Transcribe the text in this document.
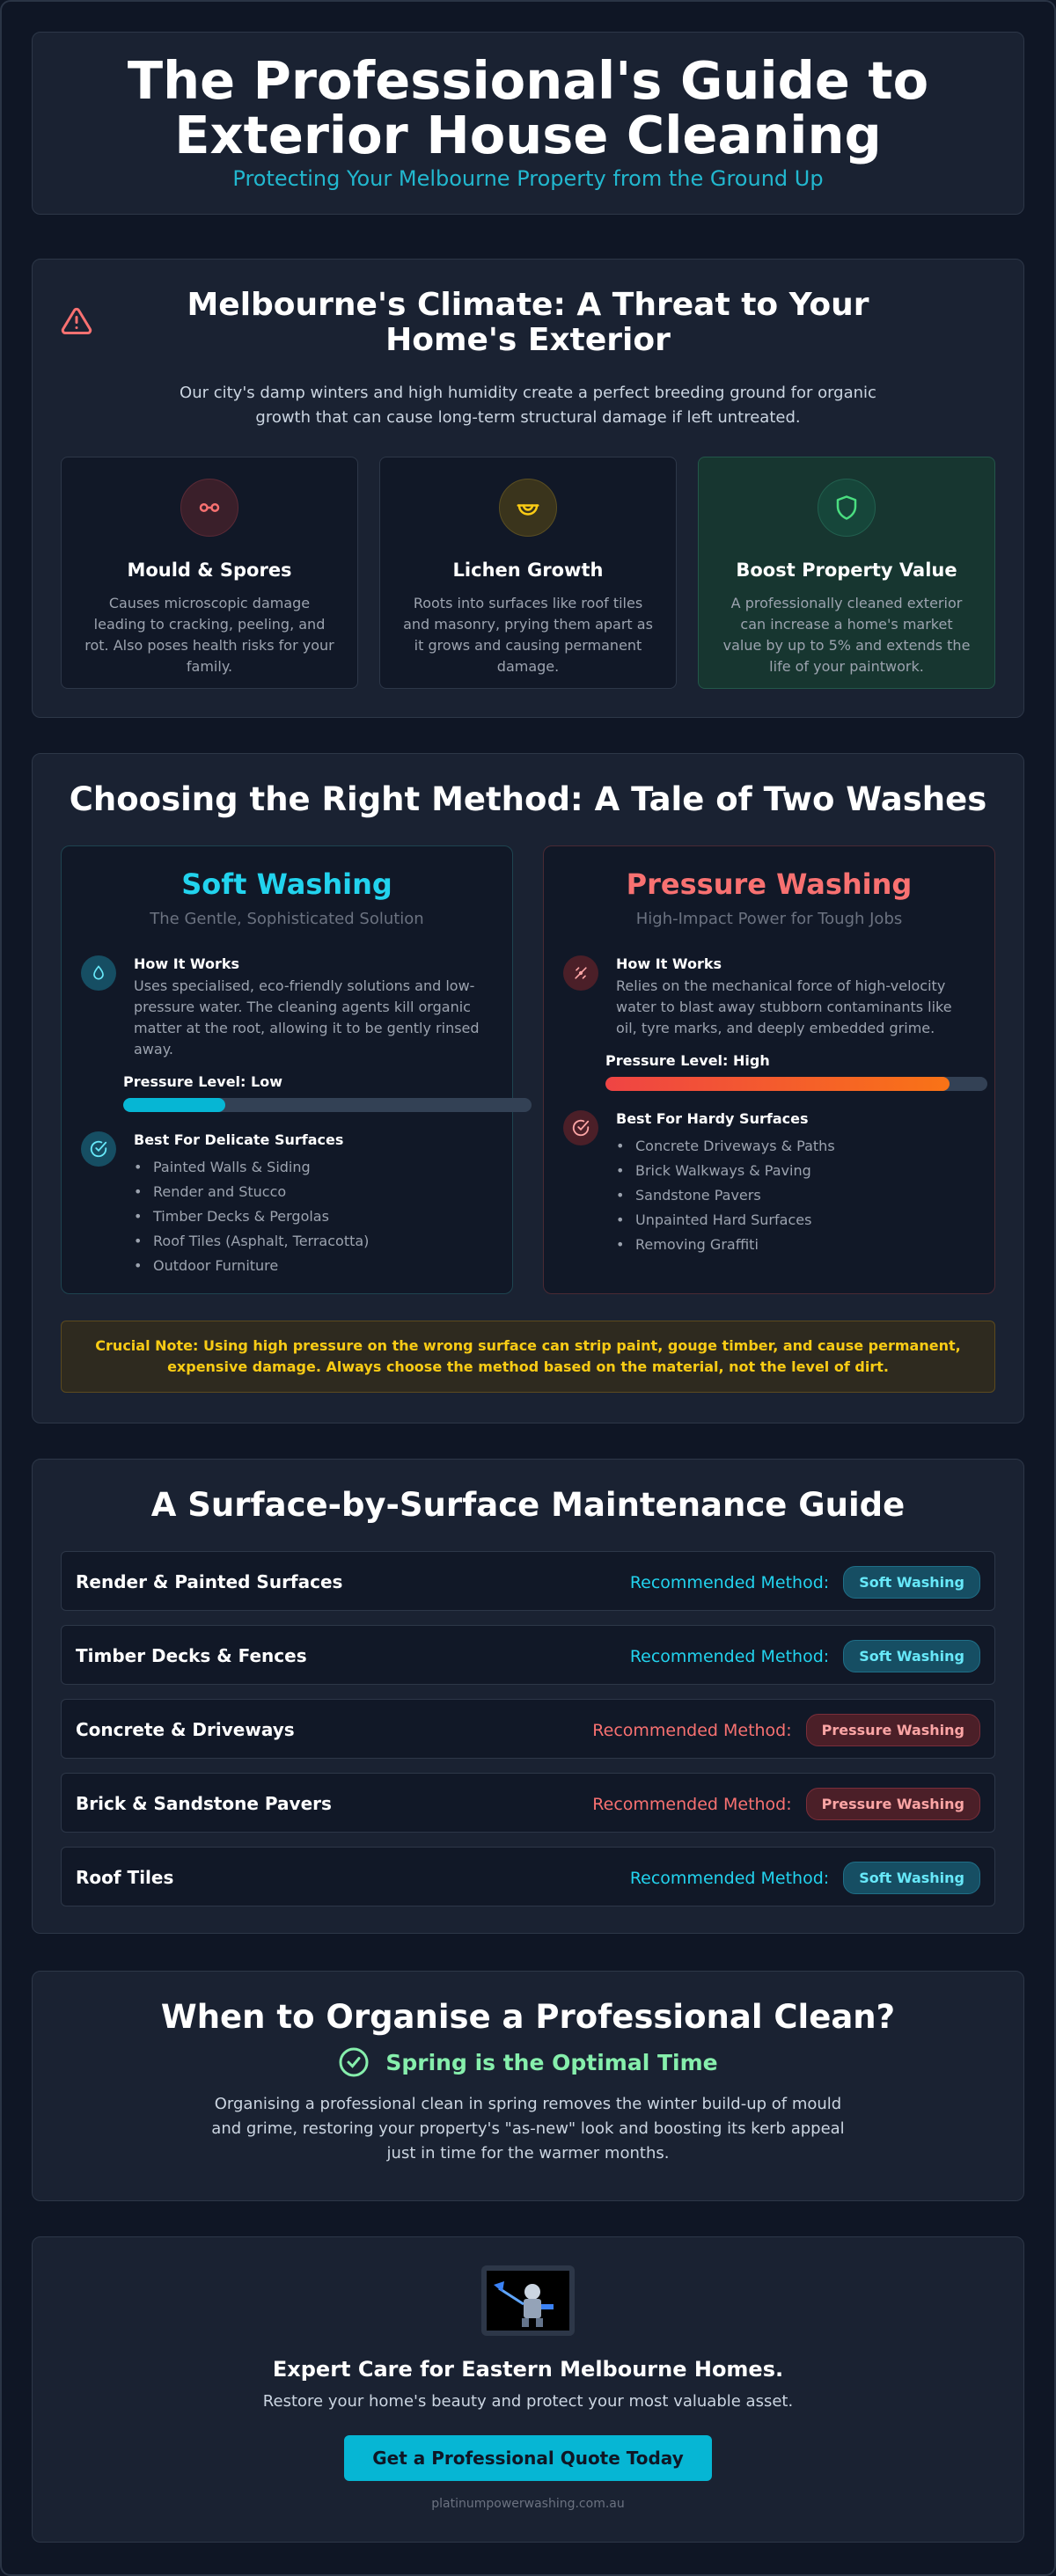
The Professional's Guide to
Exterior House Cleaning
Protecting Your Melbourne Property from the Ground Up
Melbourne's Climate: A Threat to Your Home's Exterior

Our city's damp winters and high humidity create a perfect breeding ground for organic growth that can cause long-term structural damage if left untreated.

Mould & Spores

Causes microscopic damage leading to cracking, peeling, and rot. Also poses health risks for your family.

Lichen Growth

Roots into surfaces like roof tiles and masonry, prying them apart as it grows and causing permanent damage.

Boost Property Value

A professionally cleaned exterior can increase a home's market value by up to 5% and extends the life of your paintwork.

Choosing the Right Method: A Tale of Two Washes
Soft Washing
The Gentle, Sophisticated Solution
How It Works

Uses specialised, eco-friendly solutions and low-pressure water. The cleaning agents kill organic matter at the root, allowing it to be gently rinsed away.

Pressure Level: Low
Best For Delicate Surfaces
• Painted Walls & Siding
• Render and Stucco
• Timber Decks & Pergolas
• Roof Tiles (Asphalt, Terracotta)
• Outdoor Furniture
Pressure Washing
High-Impact Power for Tough Jobs
How It Works

Relies on the mechanical force of high-velocity water to blast away stubborn contaminants like oil, tyre marks, and deeply embedded grime.

Pressure Level: High
Best For Hardy Surfaces
• Concrete Driveways & Paths
• Brick Walkways & Paving
• Sandstone Pavers
• Unpainted Hard Surfaces
• Removing Graffiti
Crucial Note: Using high pressure on the wrong surface can strip paint, gouge timber, and cause permanent, expensive damage. Always choose the method based on the material, not the level of dirt.
A Surface-by-Surface Maintenance Guide
Render & Painted Surfaces	Recommended Method:	Soft Washing
Timber Decks & Fences	Recommended Method:	Soft Washing
Concrete & Driveways	Recommended Method:	Pressure Washing
Brick & Sandstone Pavers	Recommended Method:	Pressure Washing
Roof Tiles	Recommended Method:	Soft Washing
When to Organise a Professional Clean?
Spring is the Optimal Time

Organising a professional clean in spring removes the winter build-up of mould and grime, restoring your property's "as-new" look and boosting its kerb appeal just in time for the warmer months.

Expert Care for Eastern Melbourne Homes.
Restore your home's beauty and protect your most valuable asset.
Get a Professional Quote Today
platinumpowerwashing.com.au
